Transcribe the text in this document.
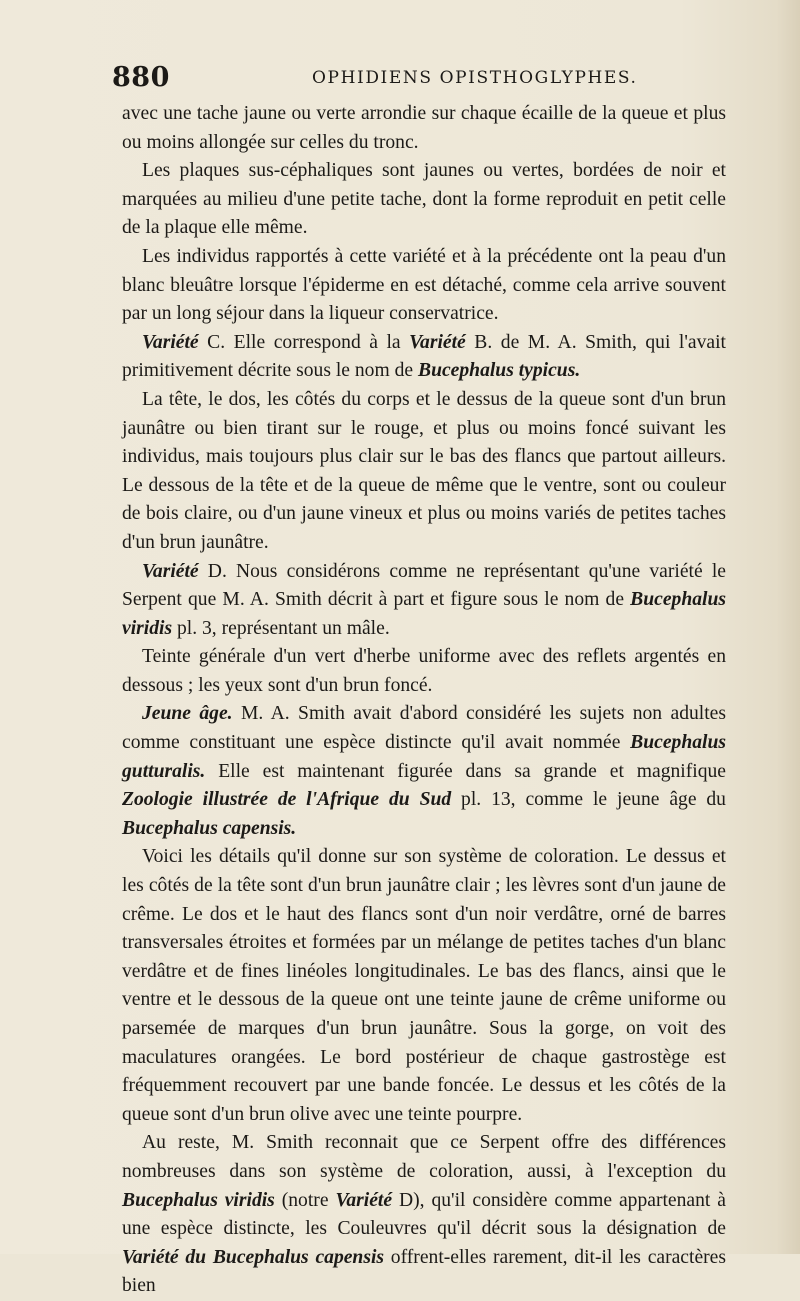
880	OPHIDIENS OPISTHOGLYPHES.

avec une tache jaune ou verte arrondie sur chaque écaille de la queue et plus ou moins allongée sur celles du tronc.

Les plaques sus-céphaliques sont jaunes ou vertes, bordées de noir et marquées au milieu d'une petite tache, dont la forme reproduit en petit celle de la plaque elle même.

Les individus rapportés à cette variété et à la précédente ont la peau d'un blanc bleuâtre lorsque l'épiderme en est détaché, comme cela arrive souvent par un long séjour dans la liqueur conservatrice.

Variété C. Elle correspond à la Variété B. de M. A. Smith, qui l'avait primitivement décrite sous le nom de Bucephalus typicus.

La tête, le dos, les côtés du corps et le dessus de la queue sont d'un brun jaunâtre ou bien tirant sur le rouge, et plus ou moins foncé suivant les individus, mais toujours plus clair sur le bas des flancs que partout ailleurs. Le dessous de la tête et de la queue de même que le ventre, sont ou couleur de bois claire, ou d'un jaune vineux et plus ou moins variés de petites taches d'un brun jaunâtre.

Variété D. Nous considérons comme ne représentant qu'une variété le Serpent que M. A. Smith décrit à part et figure sous le nom de Bucephalus viridis pl. 3, représentant un mâle.

Teinte générale d'un vert d'herbe uniforme avec des reflets argentés en dessous ; les yeux sont d'un brun foncé.

Jeune âge. M. A. Smith avait d'abord considéré les sujets non adultes comme constituant une espèce distincte qu'il avait nommée Bucephalus gutturalis. Elle est maintenant figurée dans sa grande et magnifique Zoologie illustrée de l'Afrique du Sud pl. 13, comme le jeune âge du Bucephalus capensis.

Voici les détails qu'il donne sur son système de coloration. Le dessus et les côtés de la tête sont d'un brun jaunâtre clair ; les lèvres sont d'un jaune de crême. Le dos et le haut des flancs sont d'un noir verdâtre, orné de barres transversales étroites et formées par un mélange de petites taches d'un blanc verdâtre et de fines linéoles longitudinales. Le bas des flancs, ainsi que le ventre et le dessous de la queue ont une teinte jaune de crême uniforme ou parsemée de marques d'un brun jaunâtre. Sous la gorge, on voit des maculatures orangées. Le bord postérieur de chaque gastrostège est fréquemment recouvert par une bande foncée. Le dessus et les côtés de la queue sont d'un brun olive avec une teinte pourpre.

Au reste, M. Smith reconnait que ce Serpent offre des différences nombreuses dans son système de coloration, aussi, à l'exception du Bucephalus viridis (notre Variété D), qu'il considère comme appartenant à une espèce distincte, les Couleuvres qu'il décrit sous la désignation de Variété du Bucephalus capensis offrent-elles rarement, dit-il les caractères bien
